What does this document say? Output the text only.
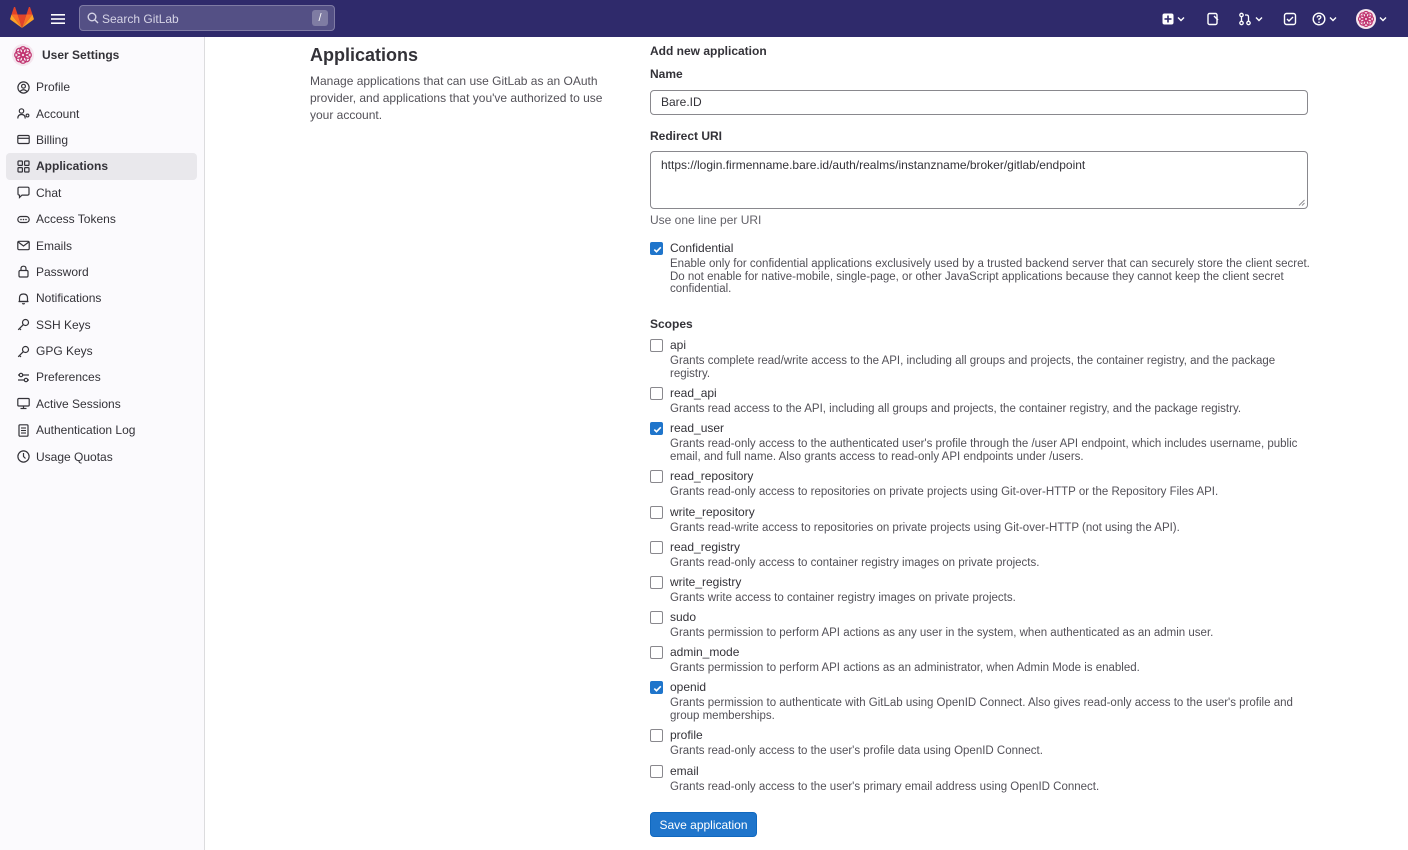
Search GitLab	/
User Settings
Profile
Account
Billing
Applications
Chat
Access Tokens
Emails
Password
Notifications
SSH Keys
GPG Keys
Preferences
Active Sessions
Authentication Log
Usage Quotas
Applications

Manage applications that can use GitLab as an OAuth provider, and applications that you've authorized to use your account.

Add new application
Name
Bare.ID
Redirect URI
https://login.firmenname.bare.id/auth/realms/instanzname/broker/gitlab/endpoint
Use one line per URI
Confidential
Enable only for confidential applications exclusively used by a trusted backend server that can securely store the client secret. Do not enable for native-mobile, single-page, or other JavaScript applications because they cannot keep the client secret confidential.
Scopes
api
Grants complete read/write access to the API, including all groups and projects, the container registry, and the package registry.
read_api
Grants read access to the API, including all groups and projects, the container registry, and the package registry.
read_user
Grants read-only access to the authenticated user's profile through the /user API endpoint, which includes username, public email, and full name. Also grants access to read-only API endpoints under /users.
read_repository
Grants read-only access to repositories on private projects using Git-over-HTTP or the Repository Files API.
write_repository
Grants read-write access to repositories on private projects using Git-over-HTTP (not using the API).
read_registry
Grants read-only access to container registry images on private projects.
write_registry
Grants write access to container registry images on private projects.
sudo
Grants permission to perform API actions as any user in the system, when authenticated as an admin user.
admin_mode
Grants permission to perform API actions as an administrator, when Admin Mode is enabled.
openid
Grants permission to authenticate with GitLab using OpenID Connect. Also gives read-only access to the user's profile and group memberships.
profile
Grants read-only access to the user's profile data using OpenID Connect.
email
Grants read-only access to the user's primary email address using OpenID Connect.
Save application
